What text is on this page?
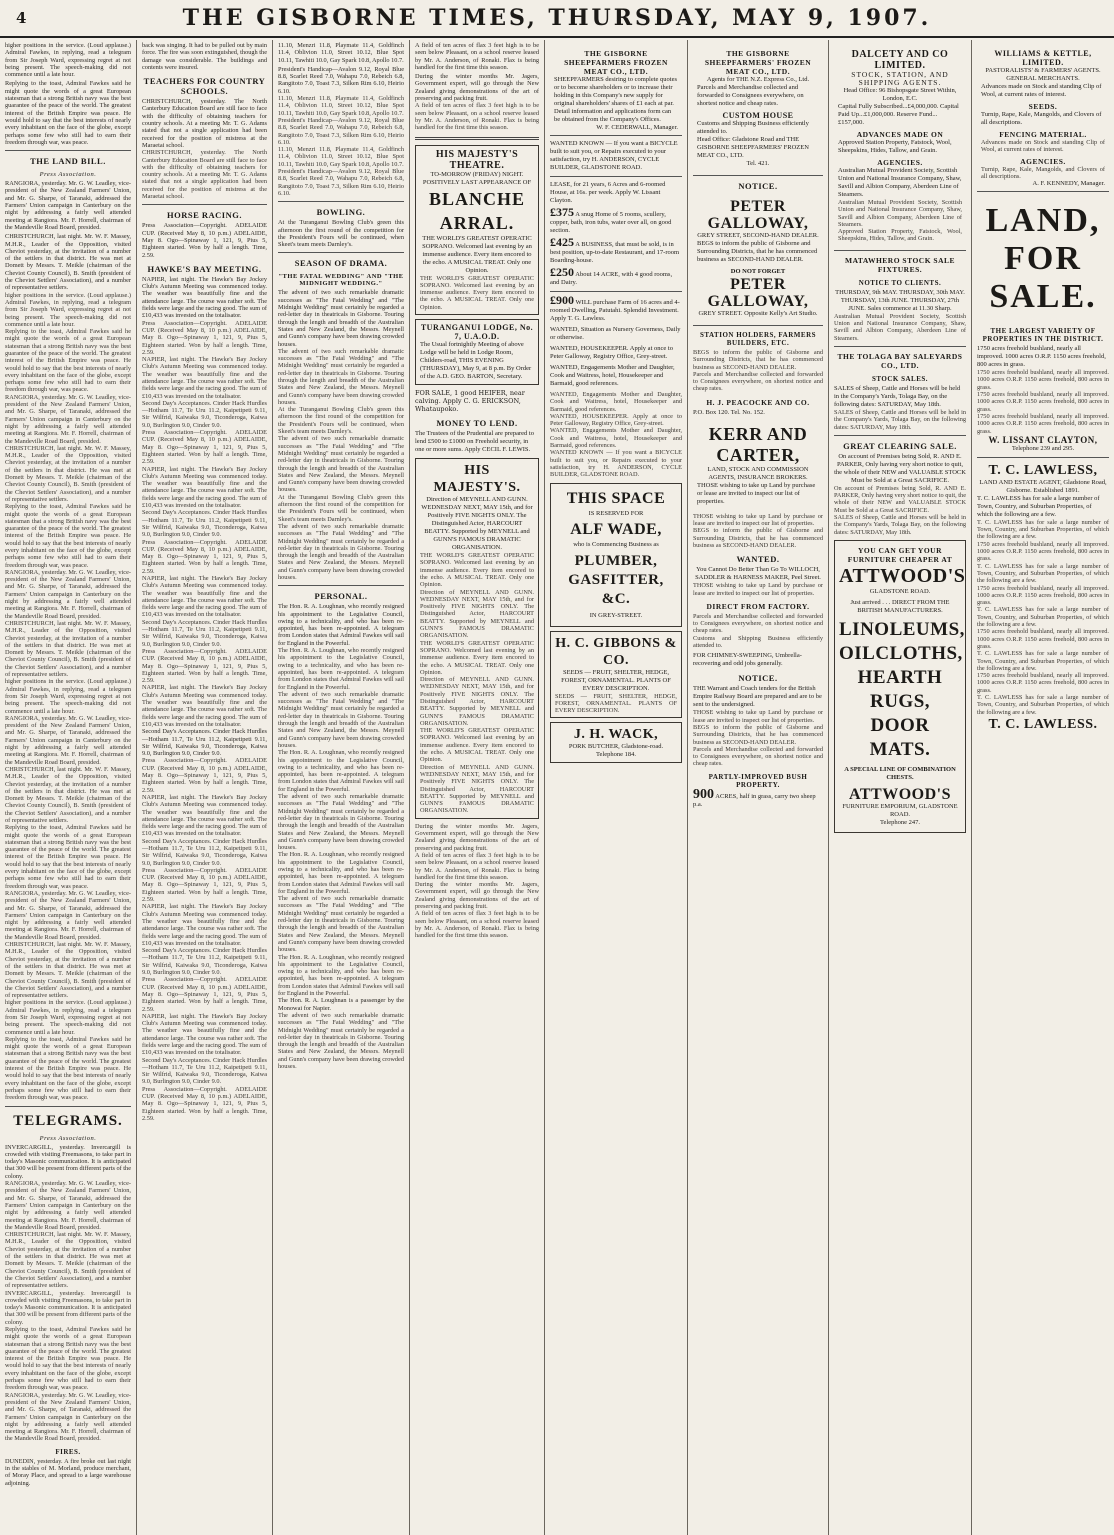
4	THE GISBORNE TIMES, THURSDAY, MAY 9, 1907.

higher positions in the service. (Loud applause.) Admiral Fawkes, in replying, read a telegram from Sir Joseph Ward, expressing regret at not being present. The speech-making did not commence until a late hour.

Replying to the toast, Admiral Fawkes said he might quote the words of a great European statesman that a strong British navy was the best guarantee of the peace of the world. The greatest interest of the British Empire was peace. He would hold to say that the best interests of nearly every inhabitant on the face of the globe, except perhaps some few who still had to earn their freedom through war, was peace.

THE LAND BILL.
Press Association.

RANGIORA, yesterday. Mr. G. W. Leadley, vice-president of the New Zealand Farmers' Union, and Mr. G. Sharpe, of Taranaki, addressed the Farmers' Union campaign in Canterbury on the night by addressing a fairly well attended meeting at Rangiora. Mr. F. Horrell, chairman of the Mandeville Road Board, presided.

CHRISTCHURCH, last night. Mr. W. F. Massey, M.H.R., Leader of the Opposition, visited Cheviot yesterday, at the invitation of a number of the settlers in that district. He was met at Domett by Messrs. T. Meikle (chairman of the Cheviot County Council), B. Smith (president of the Cheviot Settlers' Association), and a number of representative settlers.

higher positions in the service. (Loud applause.) Admiral Fawkes, in replying, read a telegram from Sir Joseph Ward, expressing regret at not being present. The speech-making did not commence until a late hour.

Replying to the toast, Admiral Fawkes said he might quote the words of a great European statesman that a strong British navy was the best guarantee of the peace of the world. The greatest interest of the British Empire was peace. He would hold to say that the best interests of nearly every inhabitant on the face of the globe, except perhaps some few who still had to earn their freedom through war, was peace.

RANGIORA, yesterday. Mr. G. W. Leadley, vice-president of the New Zealand Farmers' Union, and Mr. G. Sharpe, of Taranaki, addressed the Farmers' Union campaign in Canterbury on the night by addressing a fairly well attended meeting at Rangiora. Mr. F. Horrell, chairman of the Mandeville Road Board, presided.

CHRISTCHURCH, last night. Mr. W. F. Massey, M.H.R., Leader of the Opposition, visited Cheviot yesterday, at the invitation of a number of the settlers in that district. He was met at Domett by Messrs. T. Meikle (chairman of the Cheviot County Council), B. Smith (president of the Cheviot Settlers' Association), and a number of representative settlers.

Replying to the toast, Admiral Fawkes said he might quote the words of a great European statesman that a strong British navy was the best guarantee of the peace of the world. The greatest interest of the British Empire was peace. He would hold to say that the best interests of nearly every inhabitant on the face of the globe, except perhaps some few who still had to earn their freedom through war, was peace.

RANGIORA, yesterday. Mr. G. W. Leadley, vice-president of the New Zealand Farmers' Union, and Mr. G. Sharpe, of Taranaki, addressed the Farmers' Union campaign in Canterbury on the night by addressing a fairly well attended meeting at Rangiora. Mr. F. Horrell, chairman of the Mandeville Road Board, presided.

CHRISTCHURCH, last night. Mr. W. F. Massey, M.H.R., Leader of the Opposition, visited Cheviot yesterday, at the invitation of a number of the settlers in that district. He was met at Domett by Messrs. T. Meikle (chairman of the Cheviot County Council), B. Smith (president of the Cheviot Settlers' Association), and a number of representative settlers.

higher positions in the service. (Loud applause.) Admiral Fawkes, in replying, read a telegram from Sir Joseph Ward, expressing regret at not being present. The speech-making did not commence until a late hour.

RANGIORA, yesterday. Mr. G. W. Leadley, vice-president of the New Zealand Farmers' Union, and Mr. G. Sharpe, of Taranaki, addressed the Farmers' Union campaign in Canterbury on the night by addressing a fairly well attended meeting at Rangiora. Mr. F. Horrell, chairman of the Mandeville Road Board, presided.

CHRISTCHURCH, last night. Mr. W. F. Massey, M.H.R., Leader of the Opposition, visited Cheviot yesterday, at the invitation of a number of the settlers in that district. He was met at Domett by Messrs. T. Meikle (chairman of the Cheviot County Council), B. Smith (president of the Cheviot Settlers' Association), and a number of representative settlers.

Replying to the toast, Admiral Fawkes said he might quote the words of a great European statesman that a strong British navy was the best guarantee of the peace of the world. The greatest interest of the British Empire was peace. He would hold to say that the best interests of nearly every inhabitant on the face of the globe, except perhaps some few who still had to earn their freedom through war, was peace.

RANGIORA, yesterday. Mr. G. W. Leadley, vice-president of the New Zealand Farmers' Union, and Mr. G. Sharpe, of Taranaki, addressed the Farmers' Union campaign in Canterbury on the night by addressing a fairly well attended meeting at Rangiora. Mr. F. Horrell, chairman of the Mandeville Road Board, presided.

CHRISTCHURCH, last night. Mr. W. F. Massey, M.H.R., Leader of the Opposition, visited Cheviot yesterday, at the invitation of a number of the settlers in that district. He was met at Domett by Messrs. T. Meikle (chairman of the Cheviot County Council), B. Smith (president of the Cheviot Settlers' Association), and a number of representative settlers.

higher positions in the service. (Loud applause.) Admiral Fawkes, in replying, read a telegram from Sir Joseph Ward, expressing regret at not being present. The speech-making did not commence until a late hour.

Replying to the toast, Admiral Fawkes said he might quote the words of a great European statesman that a strong British navy was the best guarantee of the peace of the world. The greatest interest of the British Empire was peace. He would hold to say that the best interests of nearly every inhabitant on the face of the globe, except perhaps some few who still had to earn their freedom through war, was peace.

TELEGRAMS.
Press Association.

INVERCARGILL, yesterday. Invercargill is crowded with visiting Freemasons, to take part in today's Masonic communication. It is anticipated that 300 will be present from different parts of the colony.

RANGIORA, yesterday. Mr. G. W. Leadley, vice-president of the New Zealand Farmers' Union, and Mr. G. Sharpe, of Taranaki, addressed the Farmers' Union campaign in Canterbury on the night by addressing a fairly well attended meeting at Rangiora. Mr. F. Horrell, chairman of the Mandeville Road Board, presided.

CHRISTCHURCH, last night. Mr. W. F. Massey, M.H.R., Leader of the Opposition, visited Cheviot yesterday, at the invitation of a number of the settlers in that district. He was met at Domett by Messrs. T. Meikle (chairman of the Cheviot County Council), B. Smith (president of the Cheviot Settlers' Association), and a number of representative settlers.

INVERCARGILL, yesterday. Invercargill is crowded with visiting Freemasons, to take part in today's Masonic communication. It is anticipated that 300 will be present from different parts of the colony.

Replying to the toast, Admiral Fawkes said he might quote the words of a great European statesman that a strong British navy was the best guarantee of the peace of the world. The greatest interest of the British Empire was peace. He would hold to say that the best interests of nearly every inhabitant on the face of the globe, except perhaps some few who still had to earn their freedom through war, was peace.

RANGIORA, yesterday. Mr. G. W. Leadley, vice-president of the New Zealand Farmers' Union, and Mr. G. Sharpe, of Taranaki, addressed the Farmers' Union campaign in Canterbury on the night by addressing a fairly well attended meeting at Rangiora. Mr. F. Horrell, chairman of the Mandeville Road Board, presided.

FIRES.

DUNEDIN, yesterday. A fire broke out last night in the stables of M. Morland, produce merchant, of Moray Place, and spread to a large warehouse adjoining.

back was singing. It had to be pulled out by main force. The fire was soon extinguished, though the damage was considerable. The buildings and contents were insured.

TEACHERS FOR COUNTRY SCHOOLS.

CHRISTCHURCH, yesterday. The North Canterbury Education Board are still face to face with the difficulty of obtaining teachers for country schools. At a meeting Mr. T. G. Adams stated that not a single application had been received for the position of mistress at the Maraetai school.

CHRISTCHURCH, yesterday. The North Canterbury Education Board are still face to face with the difficulty of obtaining teachers for country schools. At a meeting Mr. T. G. Adams stated that not a single application had been received for the position of mistress at the Maraetai school.

HORSE RACING.

Press Association—Copyright. ADELAIDE CUP. (Received May 8, 10 p.m.) ADELAIDE, May 8. Ogo—Spinaway 1, 121, 9, Pius 5, Eighteen started. Won by half a length. Time, 2.59.

HAWKE'S BAY MEETING.

NAPIER, last night. The Hawke's Bay Jockey Club's Autumn Meeting was commenced today. The weather was beautifully fine and the attendance large. The course was rather soft. The fields were large and the racing good. The sum of £10,433 was invested on the totalisator.

Press Association—Copyright. ADELAIDE CUP. (Received May 8, 10 p.m.) ADELAIDE, May 8. Ogo—Spinaway 1, 121, 9, Pius 5, Eighteen started. Won by half a length. Time, 2.59.

NAPIER, last night. The Hawke's Bay Jockey Club's Autumn Meeting was commenced today. The weather was beautifully fine and the attendance large. The course was rather soft. The fields were large and the racing good. The sum of £10,433 was invested on the totalisator.

Second Day's Acceptances. Cinder Hack Hurdles—Hotham 11.7, Te Uru 11.2, Kaipetipeti 9.11, Sir Wilfrid, Kaiwaka 9.0, Ticonderoga, Kaiwa 9.0, Burlington 9.0, Cinder 9.0.

Press Association—Copyright. ADELAIDE CUP. (Received May 8, 10 p.m.) ADELAIDE, May 8. Ogo—Spinaway 1, 121, 9, Pius 5, Eighteen started. Won by half a length. Time, 2.59.

NAPIER, last night. The Hawke's Bay Jockey Club's Autumn Meeting was commenced today. The weather was beautifully fine and the attendance large. The course was rather soft. The fields were large and the racing good. The sum of £10,433 was invested on the totalisator.

Second Day's Acceptances. Cinder Hack Hurdles—Hotham 11.7, Te Uru 11.2, Kaipetipeti 9.11, Sir Wilfrid, Kaiwaka 9.0, Ticonderoga, Kaiwa 9.0, Burlington 9.0, Cinder 9.0.

Press Association—Copyright. ADELAIDE CUP. (Received May 8, 10 p.m.) ADELAIDE, May 8. Ogo—Spinaway 1, 121, 9, Pius 5, Eighteen started. Won by half a length. Time, 2.59.

NAPIER, last night. The Hawke's Bay Jockey Club's Autumn Meeting was commenced today. The weather was beautifully fine and the attendance large. The course was rather soft. The fields were large and the racing good. The sum of £10,433 was invested on the totalisator.

Second Day's Acceptances. Cinder Hack Hurdles—Hotham 11.7, Te Uru 11.2, Kaipetipeti 9.11, Sir Wilfrid, Kaiwaka 9.0, Ticonderoga, Kaiwa 9.0, Burlington 9.0, Cinder 9.0.

Press Association—Copyright. ADELAIDE CUP. (Received May 8, 10 p.m.) ADELAIDE, May 8. Ogo—Spinaway 1, 121, 9, Pius 5, Eighteen started. Won by half a length. Time, 2.59.

NAPIER, last night. The Hawke's Bay Jockey Club's Autumn Meeting was commenced today. The weather was beautifully fine and the attendance large. The course was rather soft. The fields were large and the racing good. The sum of £10,433 was invested on the totalisator.

Second Day's Acceptances. Cinder Hack Hurdles—Hotham 11.7, Te Uru 11.2, Kaipetipeti 9.11, Sir Wilfrid, Kaiwaka 9.0, Ticonderoga, Kaiwa 9.0, Burlington 9.0, Cinder 9.0.

Press Association—Copyright. ADELAIDE CUP. (Received May 8, 10 p.m.) ADELAIDE, May 8. Ogo—Spinaway 1, 121, 9, Pius 5, Eighteen started. Won by half a length. Time, 2.59.

NAPIER, last night. The Hawke's Bay Jockey Club's Autumn Meeting was commenced today. The weather was beautifully fine and the attendance large. The course was rather soft. The fields were large and the racing good. The sum of £10,433 was invested on the totalisator.

Second Day's Acceptances. Cinder Hack Hurdles—Hotham 11.7, Te Uru 11.2, Kaipetipeti 9.11, Sir Wilfrid, Kaiwaka 9.0, Ticonderoga, Kaiwa 9.0, Burlington 9.0, Cinder 9.0.

Press Association—Copyright. ADELAIDE CUP. (Received May 8, 10 p.m.) ADELAIDE, May 8. Ogo—Spinaway 1, 121, 9, Pius 5, Eighteen started. Won by half a length. Time, 2.59.

NAPIER, last night. The Hawke's Bay Jockey Club's Autumn Meeting was commenced today. The weather was beautifully fine and the attendance large. The course was rather soft. The fields were large and the racing good. The sum of £10,433 was invested on the totalisator.

Second Day's Acceptances. Cinder Hack Hurdles—Hotham 11.7, Te Uru 11.2, Kaipetipeti 9.11, Sir Wilfrid, Kaiwaka 9.0, Ticonderoga, Kaiwa 9.0, Burlington 9.0, Cinder 9.0.

Press Association—Copyright. ADELAIDE CUP. (Received May 8, 10 p.m.) ADELAIDE, May 8. Ogo—Spinaway 1, 121, 9, Pius 5, Eighteen started. Won by half a length. Time, 2.59.

NAPIER, last night. The Hawke's Bay Jockey Club's Autumn Meeting was commenced today. The weather was beautifully fine and the attendance large. The course was rather soft. The fields were large and the racing good. The sum of £10,433 was invested on the totalisator.

Second Day's Acceptances. Cinder Hack Hurdles—Hotham 11.7, Te Uru 11.2, Kaipetipeti 9.11, Sir Wilfrid, Kaiwaka 9.0, Ticonderoga, Kaiwa 9.0, Burlington 9.0, Cinder 9.0.

Press Association—Copyright. ADELAIDE CUP. (Received May 8, 10 p.m.) ADELAIDE, May 8. Ogo—Spinaway 1, 121, 9, Pius 5, Eighteen started. Won by half a length. Time, 2.59.

11.10, Menzri 11.8, Playmate 11.4, Goldfinch 11.4, Oblivion 11.0, Street 10.12, Blue Spot 10.11, Tawhiti 10.0, Gay Spark 10.8, Apollo 10.7.

President's Handicap—Avalon 9.12, Royal Blue 8.8, Scarlet Reed 7.0, Wahapu 7.0, Rebeich 6.8, Rangitoto 7.0, Toast 7.3, Silken Rim 6.10, Heirio 6.10.

11.10, Menzri 11.8, Playmate 11.4, Goldfinch 11.4, Oblivion 11.0, Street 10.12, Blue Spot 10.11, Tawhiti 10.0, Gay Spark 10.8, Apollo 10.7.

President's Handicap—Avalon 9.12, Royal Blue 8.8, Scarlet Reed 7.0, Wahapu 7.0, Rebeich 6.8, Rangitoto 7.0, Toast 7.3, Silken Rim 6.10, Heirio 6.10.

11.10, Menzri 11.8, Playmate 11.4, Goldfinch 11.4, Oblivion 11.0, Street 10.12, Blue Spot 10.11, Tawhiti 10.0, Gay Spark 10.8, Apollo 10.7.

President's Handicap—Avalon 9.12, Royal Blue 8.8, Scarlet Reed 7.0, Wahapu 7.0, Rebeich 6.8, Rangitoto 7.0, Toast 7.3, Silken Rim 6.10, Heirio 6.10.

BOWLING.

At the Turanganui Bowling Club's green this afternoon the first round of the competition for the President's Fours will be continued, when Skeet's team meets Darnley's.

SEASON OF DRAMA.
"THE FATAL WEDDING" AND "THE MIDNIGHT WEDDING."

The advent of two such remarkable dramatic successes as "The Fatal Wedding" and "The Midnight Wedding" must certainly be regarded a red-letter day in theatricals in Gisborne. Touring through the length and breadth of the Australian States and New Zealand, the Messrs. Meynell and Gunn's company have been drawing crowded houses.

The advent of two such remarkable dramatic successes as "The Fatal Wedding" and "The Midnight Wedding" must certainly be regarded a red-letter day in theatricals in Gisborne. Touring through the length and breadth of the Australian States and New Zealand, the Messrs. Meynell and Gunn's company have been drawing crowded houses.

At the Turanganui Bowling Club's green this afternoon the first round of the competition for the President's Fours will be continued, when Skeet's team meets Darnley's.

The advent of two such remarkable dramatic successes as "The Fatal Wedding" and "The Midnight Wedding" must certainly be regarded a red-letter day in theatricals in Gisborne. Touring through the length and breadth of the Australian States and New Zealand, the Messrs. Meynell and Gunn's company have been drawing crowded houses.

At the Turanganui Bowling Club's green this afternoon the first round of the competition for the President's Fours will be continued, when Skeet's team meets Darnley's.

The advent of two such remarkable dramatic successes as "The Fatal Wedding" and "The Midnight Wedding" must certainly be regarded a red-letter day in theatricals in Gisborne. Touring through the length and breadth of the Australian States and New Zealand, the Messrs. Meynell and Gunn's company have been drawing crowded houses.

PERSONAL.

The Hon. R. A. Loughnan, who recently resigned his appointment to the Legislative Council, owing to a technicality, and who has been re-appointed, has been re-appointed. A telegram from London states that Admiral Fawkes will sail for England in the Powerful.

The Hon. R. A. Loughnan, who recently resigned his appointment to the Legislative Council, owing to a technicality, and who has been re-appointed, has been re-appointed. A telegram from London states that Admiral Fawkes will sail for England in the Powerful.

The advent of two such remarkable dramatic successes as "The Fatal Wedding" and "The Midnight Wedding" must certainly be regarded a red-letter day in theatricals in Gisborne. Touring through the length and breadth of the Australian States and New Zealand, the Messrs. Meynell and Gunn's company have been drawing crowded houses.

The Hon. R. A. Loughnan, who recently resigned his appointment to the Legislative Council, owing to a technicality, and who has been re-appointed, has been re-appointed. A telegram from London states that Admiral Fawkes will sail for England in the Powerful.

The advent of two such remarkable dramatic successes as "The Fatal Wedding" and "The Midnight Wedding" must certainly be regarded a red-letter day in theatricals in Gisborne. Touring through the length and breadth of the Australian States and New Zealand, the Messrs. Meynell and Gunn's company have been drawing crowded houses.

The Hon. R. A. Loughnan, who recently resigned his appointment to the Legislative Council, owing to a technicality, and who has been re-appointed, has been re-appointed. A telegram from London states that Admiral Fawkes will sail for England in the Powerful.

The advent of two such remarkable dramatic successes as "The Fatal Wedding" and "The Midnight Wedding" must certainly be regarded a red-letter day in theatricals in Gisborne. Touring through the length and breadth of the Australian States and New Zealand, the Messrs. Meynell and Gunn's company have been drawing crowded houses.

The Hon. R. A. Loughnan, who recently resigned his appointment to the Legislative Council, owing to a technicality, and who has been re-appointed, has been re-appointed. A telegram from London states that Admiral Fawkes will sail for England in the Powerful.

The Hon. R. A. Loughnan is a passenger by the Monowai for Napier.

The advent of two such remarkable dramatic successes as "The Fatal Wedding" and "The Midnight Wedding" must certainly be regarded a red-letter day in theatricals in Gisborne. Touring through the length and breadth of the Australian States and New Zealand, the Messrs. Meynell and Gunn's company have been drawing crowded houses.

A field of ten acres of flax 3 feet high is to be seen below Pleasant, on a school reserve leased by Mr. A. Anderson, of Ronaki. Flax is being handled for the first time this season.

During the winter months Mr. Jagers, Government expert, will go through the New Zealand giving demonstrations of the art of preserving and packing fruit.

A field of ten acres of flax 3 feet high is to be seen below Pleasant, on a school reserve leased by Mr. A. Anderson, of Ronaki. Flax is being handled for the first time this season.

HIS MAJESTY'S THEATRE.
TO-MORROW (FRIDAY) NIGHT. POSITIVELY LAST APPEARANCE OF
BLANCHE ARRAL.
THE WORLD'S GREATEST OPERATIC SOPRANO. Welcomed last evening by an immense audience. Every item encored to the echo. A MUSICAL TREAT. Only one Opinion.
THE WORLD'S GREATEST OPERATIC SOPRANO. Welcomed last evening by an immense audience. Every item encored to the echo. A MUSICAL TREAT. Only one Opinion.
TURANGANUI LODGE, No. 7, U.A.O.D.
The Usual fortnightly Meeting of above Lodge will be held in Lodge Room, Childers-road, THIS EVENING (THURSDAY), May 9, at 8 p.m. By Order of the A.D. GEO. BARTON, Secretary.
FOR SALE, 1 good HEIFER, near calving. Apply C. G. ERICKSON, Whataupoko.
MONEY TO LEND.
The Trustees of the Prudential are prepared to lend £500 to £1000 on Freehold security, in one or more sums. Apply CECIL F. LEWIS.
HIS MAJESTY'S.
Direction of MEYNELL AND GUNN. WEDNESDAY NEXT, MAY 15th, and for Positively FIVE NIGHTS ONLY. The Distinguished Actor, HARCOURT BEATTY. Supported by MEYNELL and GUNN'S FAMOUS DRAMATIC ORGANISATION.
THE WORLD'S GREATEST OPERATIC SOPRANO. Welcomed last evening by an immense audience. Every item encored to the echo. A MUSICAL TREAT. Only one Opinion.
Direction of MEYNELL AND GUNN. WEDNESDAY NEXT, MAY 15th, and for Positively FIVE NIGHTS ONLY. The Distinguished Actor, HARCOURT BEATTY. Supported by MEYNELL and GUNN'S FAMOUS DRAMATIC ORGANISATION.
THE WORLD'S GREATEST OPERATIC SOPRANO. Welcomed last evening by an immense audience. Every item encored to the echo. A MUSICAL TREAT. Only one Opinion.
Direction of MEYNELL AND GUNN. WEDNESDAY NEXT, MAY 15th, and for Positively FIVE NIGHTS ONLY. The Distinguished Actor, HARCOURT BEATTY. Supported by MEYNELL and GUNN'S FAMOUS DRAMATIC ORGANISATION.
THE WORLD'S GREATEST OPERATIC SOPRANO. Welcomed last evening by an immense audience. Every item encored to the echo. A MUSICAL TREAT. Only one Opinion.
Direction of MEYNELL AND GUNN. WEDNESDAY NEXT, MAY 15th, and for Positively FIVE NIGHTS ONLY. The Distinguished Actor, HARCOURT BEATTY. Supported by MEYNELL and GUNN'S FAMOUS DRAMATIC ORGANISATION.

During the winter months Mr. Jagers, Government expert, will go through the New Zealand giving demonstrations of the art of preserving and packing fruit.

A field of ten acres of flax 3 feet high is to be seen below Pleasant, on a school reserve leased by Mr. A. Anderson, of Ronaki. Flax is being handled for the first time this season.

During the winter months Mr. Jagers, Government expert, will go through the New Zealand giving demonstrations of the art of preserving and packing fruit.

A field of ten acres of flax 3 feet high is to be seen below Pleasant, on a school reserve leased by Mr. A. Anderson, of Ronaki. Flax is being handled for the first time this season.

THE GISBORNE SHEEPFARMERS FROZEN MEAT CO., LTD.
SHEEPFARMERS desiring to complete quotes or to become shareholders or to increase their holding in this Company's new supply for original shareholders' shares of £1 each at par. Detail information and applications form can be obtained from the Company's Offices.
W. F. CEDERWALL, Manager.
WANTED KNOWN — If you want a BICYCLE built to suit you, or Repairs executed to your satisfaction, try H. ANDERSON, CYCLE BUILDER, GLADSTONE ROAD.
LEASE, for 21 years, 6 Acres and 6-roomed House, at 16s. per week. Apply W. Lissant Clayton.
£375 A snug Home of 5 rooms, scullery, copper, bath, iron tubs, water over all, on good section.
£425 A BUSINESS, that must be sold, is in best position, up-to-date Restaurant, and 17-room Boarding-house.
£250 About 14 ACRE, with 4 good rooms, and Dairy.
£900 WILL purchase Farm of 16 acres and 4-roomed Dwelling, Patutahi. Splendid Investment. Apply T. G. Lawless.
WANTED, Situation as Nursery Governess, Daily or otherwise.
WANTED, HOUSEKEEPER. Apply at once to Peter Galloway, Registry Office, Grey-street.
WANTED, Engagements Mother and Daughter, Cook and Waitress, hotel, Housekeeper and Barmaid, good references.

WANTED, Engagements Mother and Daughter, Cook and Waitress, hotel, Housekeeper and Barmaid, good references.

WANTED, HOUSEKEEPER. Apply at once to Peter Galloway, Registry Office, Grey-street.

WANTED, Engagements Mother and Daughter, Cook and Waitress, hotel, Housekeeper and Barmaid, good references.

WANTED KNOWN — If you want a BICYCLE built to suit you, or Repairs executed to your satisfaction, try H. ANDERSON, CYCLE BUILDER, GLADSTONE ROAD.

THIS SPACE
IS RESERVED FOR
ALF WADE,
who is Commencing Business as
PLUMBER, GASFITTER, &C.
IN GREY-STREET.
H. C. GIBBONS & CO.
SEEDS — FRUIT, SHELTER, HEDGE, FOREST, ORNAMENTAL. PLANTS OF EVERY DESCRIPTION.
SEEDS — FRUIT, SHELTER, HEDGE, FOREST, ORNAMENTAL. PLANTS OF EVERY DESCRIPTION.
J. H. WACK,
PORK BUTCHER, Gladstone-road. Telephone 184.
THE GISBORNE SHEEPFARMERS' FROZEN MEAT CO., LTD.
Agents for THE N.Z. Express Co., Ltd.
Parcels and Merchandise collected and forwarded to Consignees everywhere, on shortest notice and cheap rates.
CUSTOM HOUSE
Customs and Shipping Business efficiently attended to.
Head Office: Gladstone Road and THE GISBORNE SHEEPFARMERS' FROZEN MEAT CO., LTD.
Tel. 421.
NOTICE.
PETER GALLOWAY,
GREY STREET, SECOND-HAND DEALER.
BEGS to inform the public of Gisborne and Surrounding Districts, that he has commenced business as SECOND-HAND DEALER.
DO NOT FORGET
PETER GALLOWAY,
GREY STREET. Opposite Kelly's Art Studio.
STATION HOLDERS, FARMERS BUILDERS, ETC.

BEGS to inform the public of Gisborne and Surrounding Districts, that he has commenced business as SECOND-HAND DEALER.

Parcels and Merchandise collected and forwarded to Consignees everywhere, on shortest notice and cheap rates.

H. J. PEACOCKE AND CO.
P.O. Box 120. Tel. No. 152.
KERR AND CARTER,
LAND, STOCK AND COMMISSION AGENTS, INSURANCE BROKERS.
THOSE wishing to take up Land by purchase or lease are invited to inspect our list of properties.

THOSE wishing to take up Land by purchase or lease are invited to inspect our list of properties.

BEGS to inform the public of Gisborne and Surrounding Districts, that he has commenced business as SECOND-HAND DEALER.

WANTED.
You Cannot Do Better Than Go To WILLOCH, SADDLER & HARNESS MAKER, Peel Street.

THOSE wishing to take up Land by purchase or lease are invited to inspect our list of properties.

DIRECT FROM FACTORY.

Parcels and Merchandise collected and forwarded to Consignees everywhere, on shortest notice and cheap rates.

Customs and Shipping Business efficiently attended to.

FOR CHIMNEY-SWEEPING, Umbrella-recovering and odd jobs generally.
NOTICE.
THE Warrant and Coach tenders for the British Empire Railway Board are prepared and are to be sent to the undersigned.

THOSE wishing to take up Land by purchase or lease are invited to inspect our list of properties.

BEGS to inform the public of Gisborne and Surrounding Districts, that he has commenced business as SECOND-HAND DEALER.

Parcels and Merchandise collected and forwarded to Consignees everywhere, on shortest notice and cheap rates.

PARTLY-IMPROVED BUSH PROPERTY.
900 ACRES, half in grass, carry two sheep p.a.
DALCETY AND CO LIMITED.
STOCK, STATION, AND SHIPPING AGENTS.
Head Office: 96 Bishopsgate Street Within, London, E.C.
Capital Fully Subscribed...£4,000,000. Capital Paid Up...£1,000,000. Reserve Fund...£157,000.
ADVANCES MADE ON
Approved Station Property, Fatstock, Wool, Sheepskins, Hides, Tallow, and Grain.
AGENCIES.
Australian Mutual Provident Society, Scottish Union and National Insurance Company, Shaw, Savill and Albion Company, Aberdeen Line of Steamers.
Australian Mutual Provident Society, Scottish Union and National Insurance Company, Shaw, Savill and Albion Company, Aberdeen Line of Steamers.
Approved Station Property, Fatstock, Wool, Sheepskins, Hides, Tallow, and Grain.
MATAWHERO STOCK SALE FIXTURES.
NOTICE TO CLIENTS.
THURSDAY, 9th MAY. THURSDAY, 30th MAY. THURSDAY, 13th JUNE. THURSDAY, 27th JUNE. Sales commence at 11.30 Sharp.

Australian Mutual Provident Society, Scottish Union and National Insurance Company, Shaw, Savill and Albion Company, Aberdeen Line of Steamers.

THE TOLAGA BAY SALEYARDS CO., LTD.
STOCK SALES.
SALES of Sheep, Cattle and Horses will be held in the Company's Yards, Tolaga Bay, on the following dates: SATURDAY, May 18th.

SALES of Sheep, Cattle and Horses will be held in the Company's Yards, Tolaga Bay, on the following dates: SATURDAY, May 18th.

GREAT CLEARING SALE.
On account of Premises being Sold, R. AND E. PARKER, Only having very short notice to quit, the whole of their NEW and VALUABLE STOCK Must be Sold at a Great SACRIFICE.

On account of Premises being Sold, R. AND E. PARKER, Only having very short notice to quit, the whole of their NEW and VALUABLE STOCK Must be Sold at a Great SACRIFICE.

SALES of Sheep, Cattle and Horses will be held in the Company's Yards, Tolaga Bay, on the following dates: SATURDAY, May 18th.

YOU CAN GET YOUR FURNITURE CHEAPER AT
ATTWOOD'S
GLADSTONE ROAD.
Just arrived . . . DIRECT FROM THE BRITISH MANUFACTURERS.
LINOLEUMS,
OILCLOTHS,
HEARTH RUGS,
DOOR MATS.
A SPECIAL LINE OF COMBINATION CHESTS.
ATTWOOD'S
FURNITURE EMPORIUM, GLADSTONE ROAD.
Telephone 247.
WILLIAMS & KETTLE, LIMITED.
PASTORALISTS' & FARMERS' AGENTS. GENERAL MERCHANTS.
Advances made on Stock and standing Clip of Wool, at current rates of interest.
SEEDS.
Turnip, Rape, Kale, Mangolds, and Clovers of all descriptions.
FENCING MATERIAL.
Advances made on Stock and standing Clip of Wool, at current rates of interest.
AGENCIES.
Turnip, Rape, Kale, Mangolds, and Clovers of all descriptions.
A. F. KENNEDY, Manager.
LAND,
FOR
SALE.
THE LARGEST VARIETY OF PROPERTIES IN THE DISTRICT.
1750 acres freehold bushland, nearly all improved. 1000 acres O.R.P. 1150 acres freehold, 800 acres in grass.

1750 acres freehold bushland, nearly all improved. 1000 acres O.R.P. 1150 acres freehold, 800 acres in grass.

1750 acres freehold bushland, nearly all improved. 1000 acres O.R.P. 1150 acres freehold, 800 acres in grass.

1750 acres freehold bushland, nearly all improved. 1000 acres O.R.P. 1150 acres freehold, 800 acres in grass.

W. LISSANT CLAYTON,
Telephone 239 and 295.
T. C. LAWLESS,
LAND AND ESTATE AGENT, Gladstone Road, Gisborne. Established 1891.
T. C. LAWLESS has for sale a large number of Town, Country, and Suburban Properties, of which the following are a few.

T. C. LAWLESS has for sale a large number of Town, Country, and Suburban Properties, of which the following are a few.

1750 acres freehold bushland, nearly all improved. 1000 acres O.R.P. 1150 acres freehold, 800 acres in grass.

T. C. LAWLESS has for sale a large number of Town, Country, and Suburban Properties, of which the following are a few.

1750 acres freehold bushland, nearly all improved. 1000 acres O.R.P. 1150 acres freehold, 800 acres in grass.

T. C. LAWLESS has for sale a large number of Town, Country, and Suburban Properties, of which the following are a few.

1750 acres freehold bushland, nearly all improved. 1000 acres O.R.P. 1150 acres freehold, 800 acres in grass.

T. C. LAWLESS has for sale a large number of Town, Country, and Suburban Properties, of which the following are a few.

1750 acres freehold bushland, nearly all improved. 1000 acres O.R.P. 1150 acres freehold, 800 acres in grass.

T. C. LAWLESS has for sale a large number of Town, Country, and Suburban Properties, of which the following are a few.

T. C. LAWLESS.
